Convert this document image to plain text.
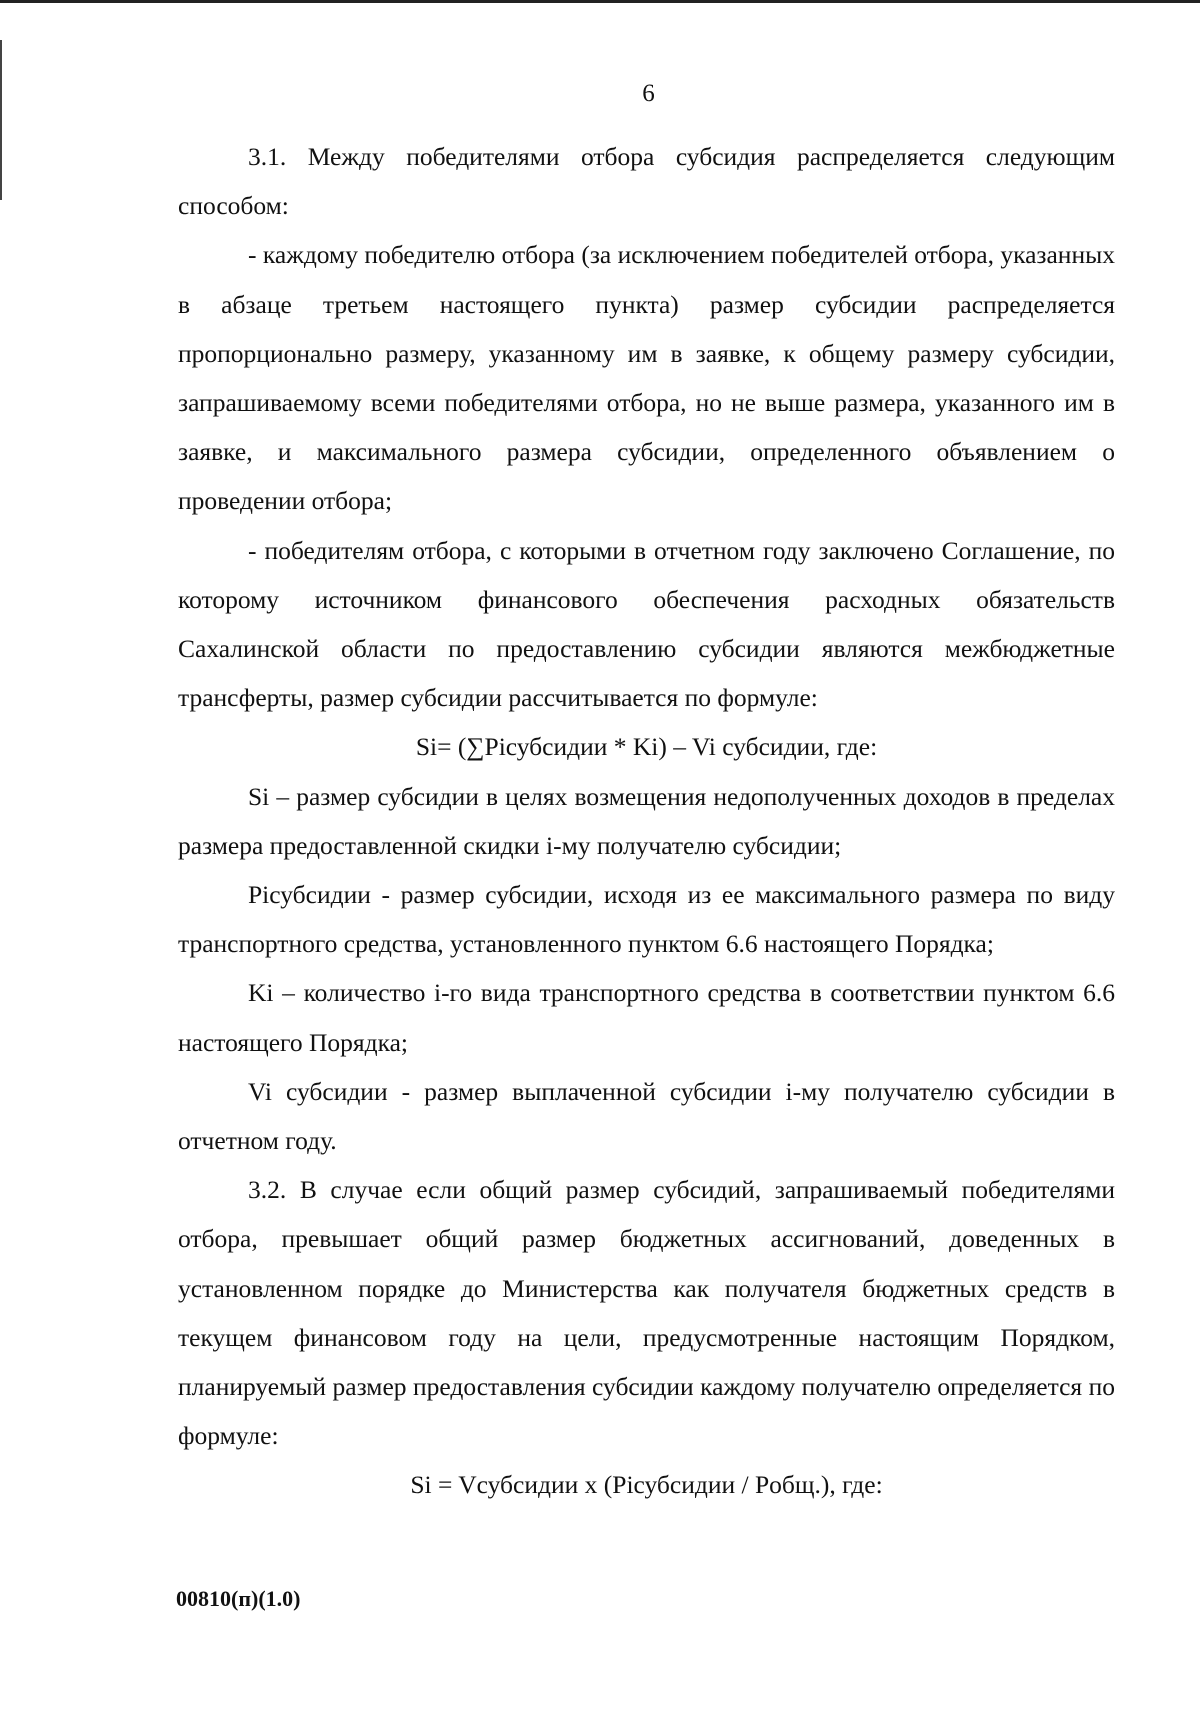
6

3.1. Между победителями отбора субсидия распределяется следующим способом:

- каждому победителю отбора (за исключением победителей отбора, указанных в абзаце третьем настоящего пункта) размер субсидии распределяется пропорционально размеру, указанному им в заявке, к общему размеру субсидии, запрашиваемому всеми победителями отбора, но не выше размера, указанного им в заявке, и максимального размера субсидии, определенного объявлением о проведении отбора;

- победителям отбора, с которыми в отчетном году заключено Соглашение, по которому источником финансового обеспечения расходных обязательств Сахалинской области по предоставлению субсидии являются межбюджетные трансферты, размер субсидии рассчитывается по формуле:

Si= (∑Piсубсидии * Ki) – Vi субсидии, где:

Si – размер субсидии в целях возмещения недополученных доходов в пределах размера предоставленной скидки i-му получателю субсидии;

Piсубсидии - размер субсидии, исходя из ее максимального размера по виду транспортного средства, установленного пунктом 6.6 настоящего Порядка;

Ki – количество i-го вида транспортного средства в соответствии пунктом 6.6 настоящего Порядка;

Vi субсидии - размер выплаченной субсидии i-му получателю субсидии в отчетном году.

3.2. В случае если общий размер субсидий, запрашиваемый победителями отбора, превышает общий размер бюджетных ассигнований, доведенных в установленном порядке до Министерства как получателя бюджетных средств в текущем финансовом году на цели, предусмотренные настоящим Порядком, планируемый размер предоставления субсидии каждому получателю определяется по формуле:

Si = Vсубсидии x (Piсубсидии / Pобщ.), где:

00810(п)(1.0)
